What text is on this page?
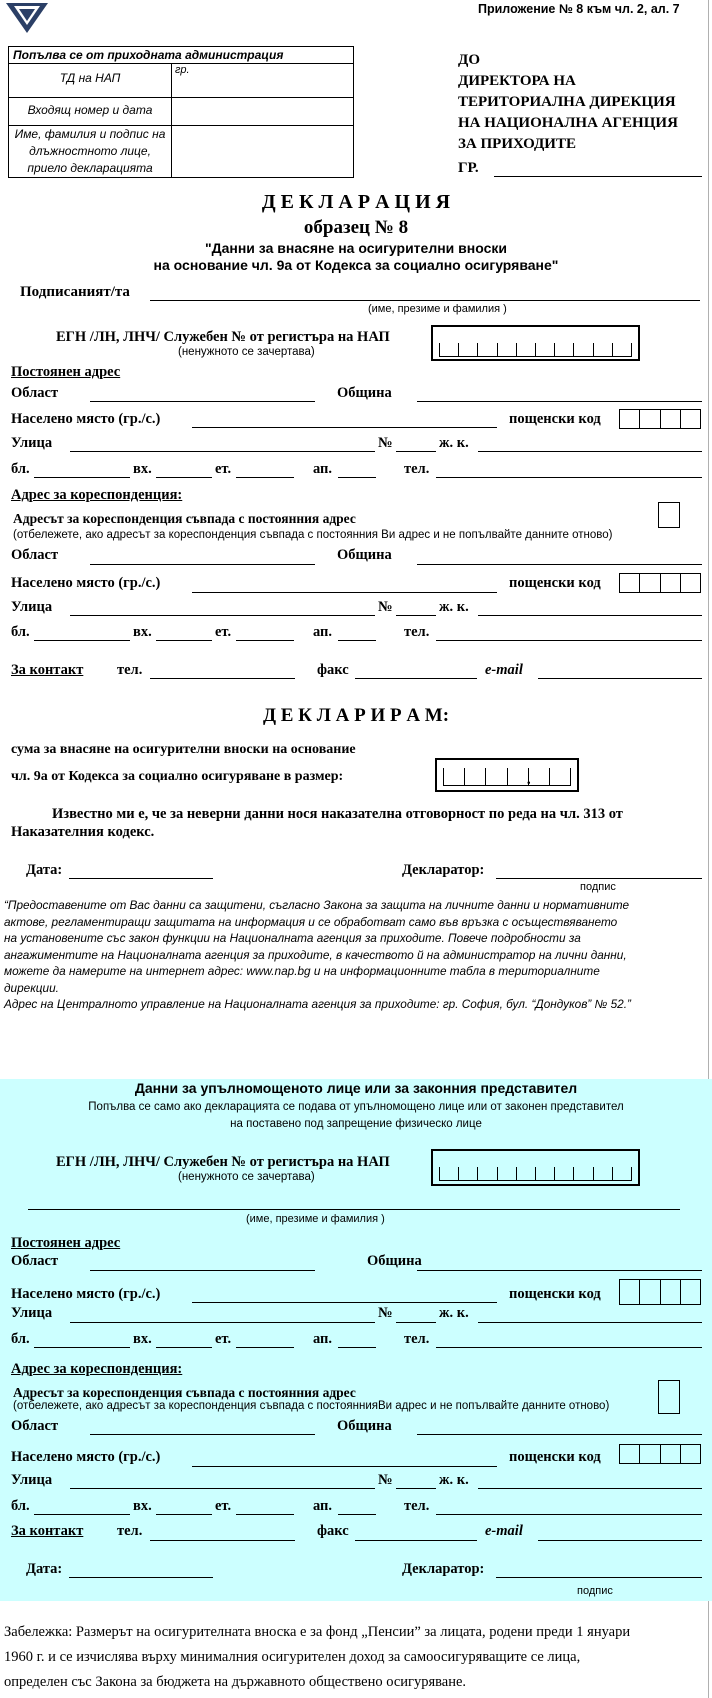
Приложение № 8 към чл. 2, ал. 7
Попълва се от приходната администрация
ТД на НАП
гр.
Входящ номер и дата
Име, фамилия и подпис на длъжностното лице, приело декларацията
ДО
ДИРЕКТОРА НА
ТЕРИТОРИАЛНА ДИРЕКЦИЯ
НА НАЦИОНАЛНА АГЕНЦИЯ
ЗА ПРИХОДИТЕ
ГР.
Д Е К Л А Р А Ц И Я
образец № 8
"Данни за внасяне на осигурителни вноски
на основание чл. 9а от Кодекса за социално осигуряване"
Подписаният/та
(име, презиме и фамилия )
ЕГН /ЛН, ЛНЧ/ Служебен № от регистъра на НАП
(ненужното се зачертава)
Постоянен адрес
Област	Община
Населено място (гр./с.)	пощенски код
Улица	№	ж. к.
бл.	вх.	ет.	ап.	тел.
Адрес за кореспонденция:
Адресът за кореспонденция съвпада с постоянния адрес
(отбележете, ако адресът за кореспонденция съвпада с постоянния Ви адрес и не попълвайте данните отново)
Област	Община
Населено място (гр./с.)	пощенски код
Улица	№	ж. к.
бл.	вх.	ет.	ап.	тел.
За контакт тел.	факс	e-mail
Д Е К Л А Р И Р А М:
сума за внасяне на осигурителни вноски на основание
чл. 9а от Кодекса за социално осигуряване в размер:	.
Известно ми е, че за неверни данни нося наказателна отговорност по реда на чл. 313 от
Наказателния кодекс.
Дата:	Декларатор:
подпис
“Предоставените от Вас данни са защитени, съгласно Закона за защита на личните данни и нормативните
актове, регламентиращи защитата на информация и се обработват само във връзка с осъществяването
на установените със закон функции на Националната агенция за приходите. Повече подробности за
ангажиментите на Националната агенция за приходите, в качеството й на администратор на лични данни,
можете да намерите на интернет адрес: www.nap.bg и на информационните табла в териториалните
дирекции.
Адрес на Централното управление на Националната агенция за приходите: гр. София, бул. “Дондуков” № 52.”
Данни за упълномощеното лице или за законния представител
Попълва се само ако декларацията се подава от упълномощено лице или от законен представител
на поставено под запрещение физическо лице
ЕГН /ЛН, ЛНЧ/ Служебен № от регистъра на НАП
(ненужното се зачертава)
(име, презиме и фамилия )
Постоянен адрес
Област	Община
Населено място (гр./с.)	пощенски код
Улица	№	ж. к.
бл.	вх.	ет.	ап.	тел.
Адрес за кореспонденция:
Адресът за кореспонденция съвпада с постоянния адрес
(отбележете, ако адресът за кореспонденция съвпада с постояннияВи адрес и не попълвайте данните отново)
Област	Община
Населено място (гр./с.)	пощенски код
Улица	№	ж. к.
бл.	вх.	ет.	ап.	тел.
За контакт тел.	факс	e-mail
Дата:	Декларатор:
подпис
Забележка: Размерът на осигурителната вноска е за фонд „Пенсии” за лицата, родени преди 1 януари
1960 г. и се изчислява върху минималния осигурителен доход за самоосигуряващите се лица,
определен със Закона за бюджета на държавното обществено осигуряване.
